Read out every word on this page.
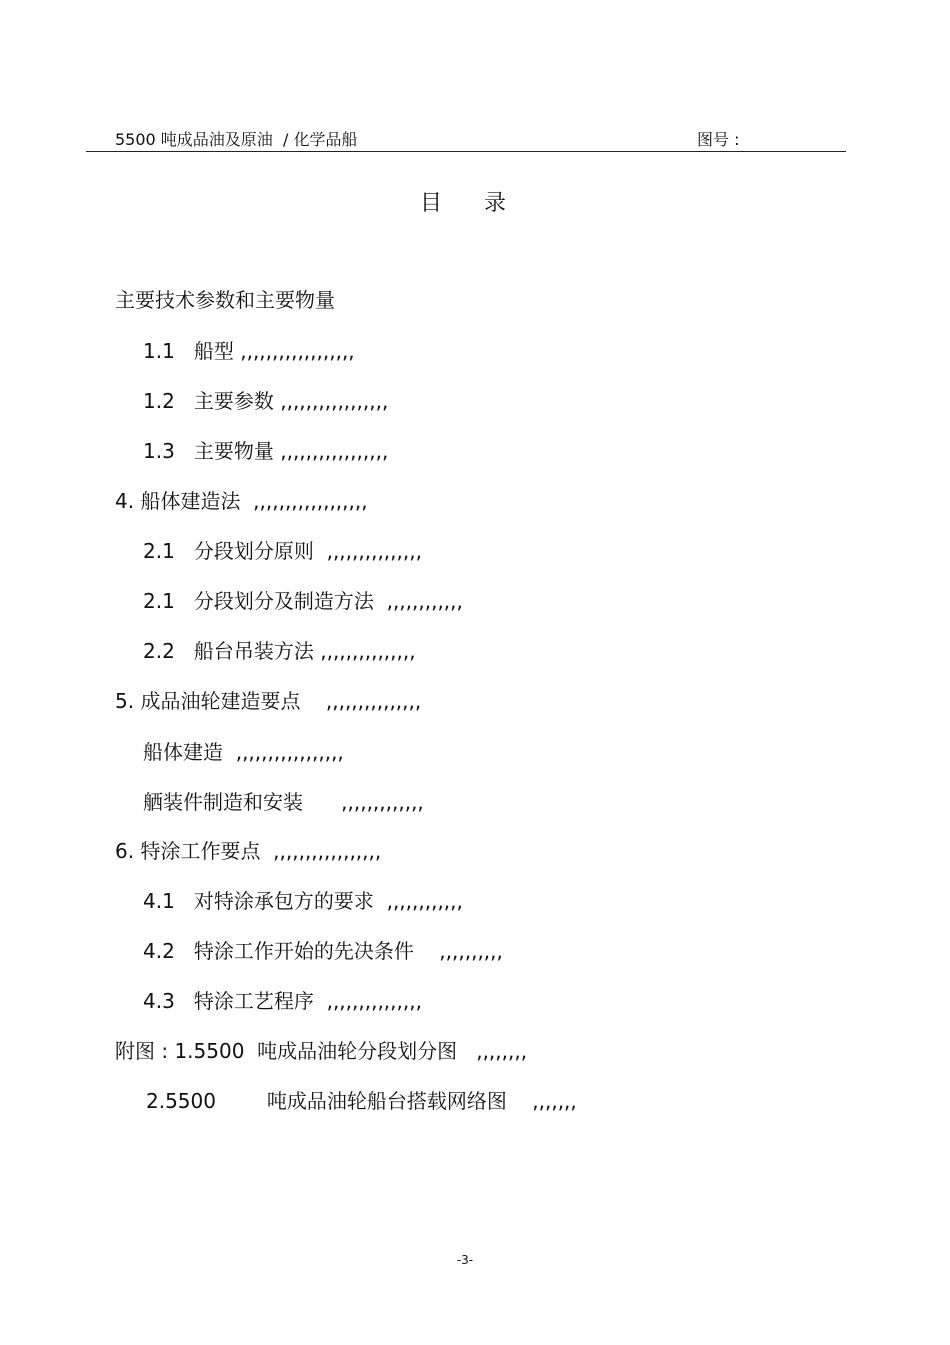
5500 吨成品油及原油  / 化学品船	图号 :
目      录
主要技术参数和主要物量
1.1   船型 ,,,,,,,,,,,,,,,,,,
1.2   主要参数 ,,,,,,,,,,,,,,,,,
1.3   主要物量 ,,,,,,,,,,,,,,,,,
4. 船体建造法  ,,,,,,,,,,,,,,,,,,
2.1   分段划分原则  ,,,,,,,,,,,,,,,
2.1   分段划分及制造方法  ,,,,,,,,,,,,
2.2   船台吊装方法 ,,,,,,,,,,,,,,,
5. 成品油轮建造要点    ,,,,,,,,,,,,,,,
船体建造  ,,,,,,,,,,,,,,,,,
舾装件制造和安装      ,,,,,,,,,,,,,
6. 特涂工作要点  ,,,,,,,,,,,,,,,,,
4.1   对特涂承包方的要求  ,,,,,,,,,,,,
4.2   特涂工作开始的先决条件    ,,,,,,,,,,
4.3   特涂工艺程序  ,,,,,,,,,,,,,,,
附图 : 1.5500  吨成品油轮分段划分图   ,,,,,,,,
2.5500        吨成品油轮船台搭载网络图    ,,,,,,,
-3-
